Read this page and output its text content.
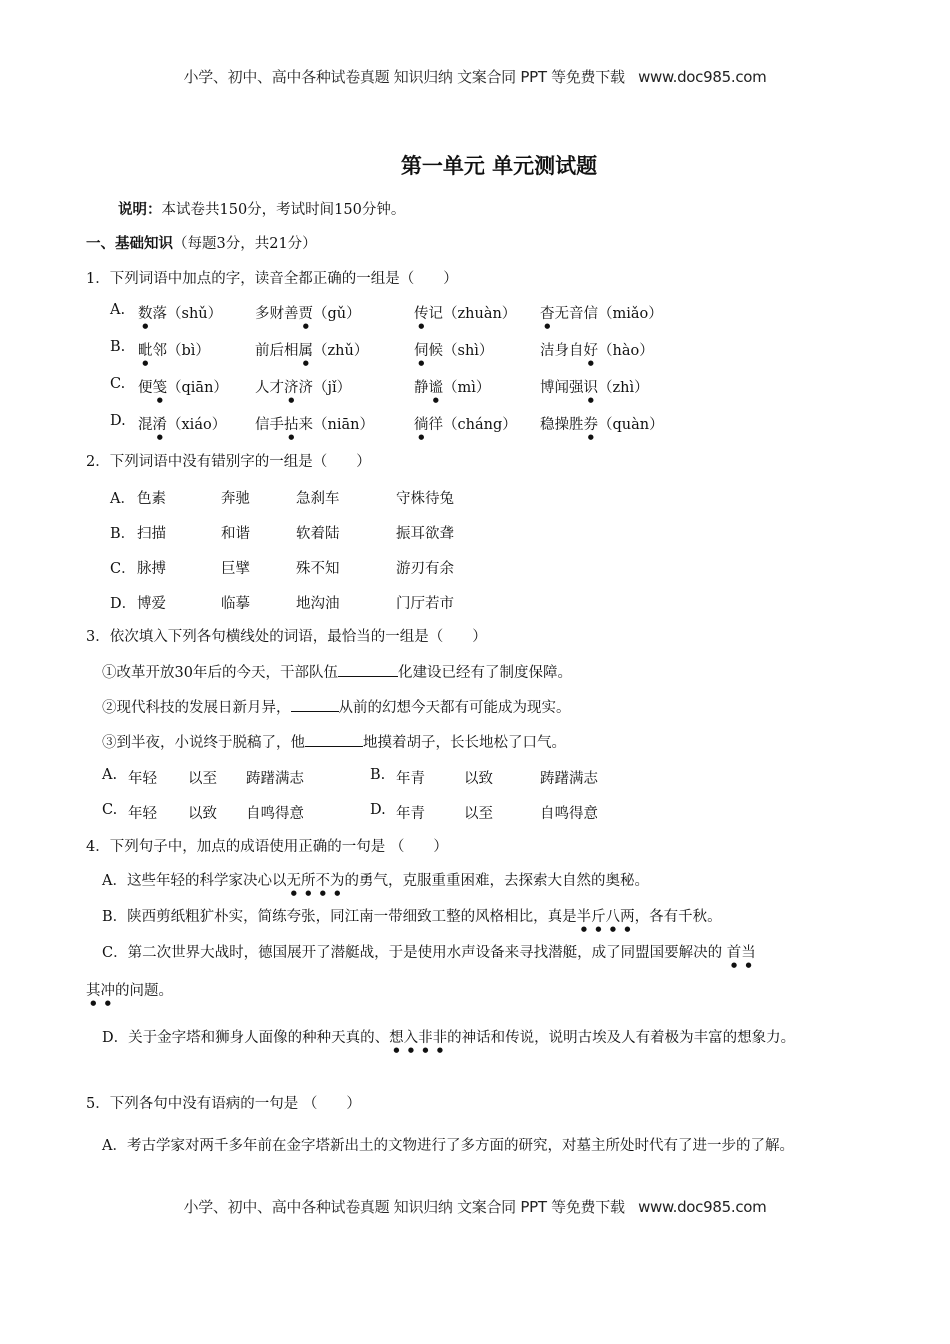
小学、初中、高中各种试卷真题 知识归纳 文案合同 PPT 等免费下载 www.doc985.com
第一单元 单元测试题
说明：本试卷共150分，考试时间150分钟。
一、基础知识（每题3分，共21分）
1．下列词语中加点的字，读音全都正确的一组是（　　）
A. 数落（shǔ） 多财善贾（gǔ）	传记（zhuàn） 杳无音信（miǎo）
B. 毗邻（bì）	前后相属（zhǔ）	伺候（shì）	洁身自好（hào）
C. 便笺（qiān） 人才济济（jǐ）	静谧（mì）	博闻强识（zhì）
D. 混淆（xiáo） 信手拈来（niān）	徜徉（cháng） 稳操胜券（quàn）
2．下列词语中没有错别字的一组是（　　）
A． 色素	奔驰	急刹车	守株待兔
B． 扫描	和谐	软着陆	振耳欲聋
C． 脉搏	巨擘	殊不知	游刃有余
D． 博爱	临摹	地沟油	门厅若市
3．依次填入下列各句横线处的词语，最恰当的一组是（　　）
①改革开放30年后的今天，干部队伍	化建设已经有了制度保障。
②现代科技的发展日新月异，	从前的幻想今天都有可能成为现实。
③到半夜，小说终于脱稿了，他	地摸着胡子，长长地松了口气。
A. 年轻 以至 踌躇满志	B. 年青	以致	踌躇满志
C. 年轻 以致 自鸣得意	D. 年青	以至	自鸣得意
4．下列句子中，加点的成语使用正确的一句是 （　　）
A．这些年轻的科学家决心以无所不为的勇气，克服重重困难，去探索大自然的奥秘。
B．陕西剪纸粗犷朴实，简练夸张，同江南一带细致工整的风格相比，真是半斤八两，各有千秋。
C．第二次世界大战时，德国展开了潜艇战，于是使用水声设备来寻找潜艇，成了同盟国要解决的 首当
其冲的问题。
D．关于金字塔和狮身人面像的种种天真的、想入非非的神话和传说，说明古埃及人有着极为丰富的想象力。
5．下列各句中没有语病的一句是 （　　）
A．考古学家对两千多年前在金字塔新出土的文物进行了多方面的研究，对墓主所处时代有了进一步的了解。
小学、初中、高中各种试卷真题 知识归纳 文案合同 PPT 等免费下载 www.doc985.com
